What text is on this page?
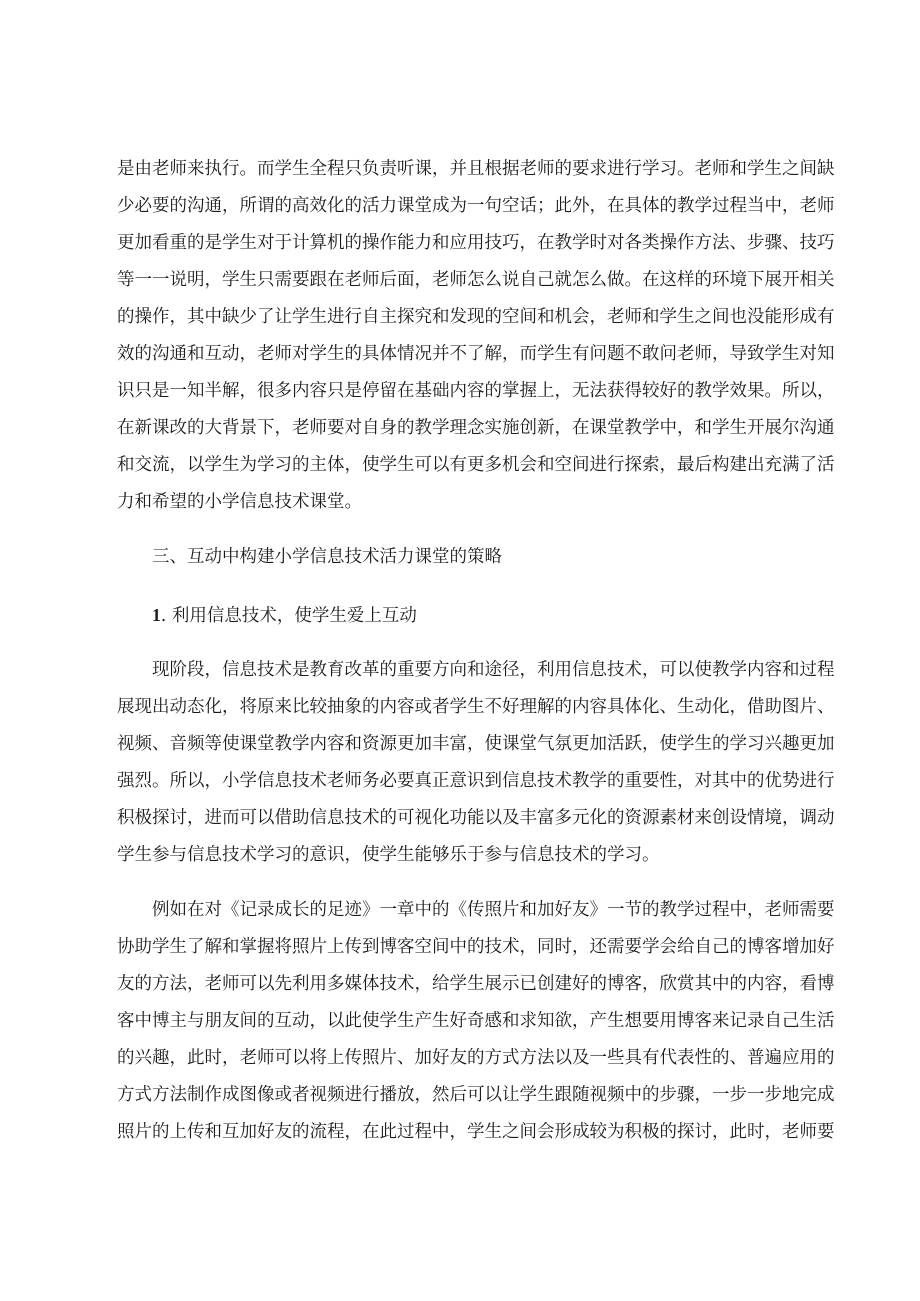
是由老师来执行。而学生全程只负责听课，并且根据老师的要求进行学习。老师和学生之间缺
少必要的沟通，所谓的高效化的活力课堂成为一句空话；此外，在具体的教学过程当中，老师
更加看重的是学生对于计算机的操作能力和应用技巧，在教学时对各类操作方法、步骤、技巧
等一一说明，学生只需要跟在老师后面，老师怎么说自己就怎么做。在这样的环境下展开相关
的操作，其中缺少了让学生进行自主探究和发现的空间和机会，老师和学生之间也没能形成有
效的沟通和互动，老师对学生的具体情况并不了解，而学生有问题不敢问老师，导致学生对知
识只是一知半解，很多内容只是停留在基础内容的掌握上，无法获得较好的教学效果。所以，
在新课改的大背景下，老师要对自身的教学理念实施创新，在课堂教学中，和学生开展尔沟通
和交流，以学生为学习的主体，使学生可以有更多机会和空间进行探索，最后构建出充满了活
力和希望的小学信息技术课堂。
三、互动中构建小学信息技术活力课堂的策略
1. 利用信息技术，使学生爱上互动
现阶段，信息技术是教育改革的重要方向和途径，利用信息技术，可以使教学内容和过程
展现出动态化，将原来比较抽象的内容或者学生不好理解的内容具体化、生动化，借助图片、
视频、音频等使课堂教学内容和资源更加丰富，使课堂气氛更加活跃，使学生的学习兴趣更加
强烈。所以，小学信息技术老师务必要真正意识到信息技术教学的重要性，对其中的优势进行
积极探讨，进而可以借助信息技术的可视化功能以及丰富多元化的资源素材来创设情境，调动
学生参与信息技术学习的意识，使学生能够乐于参与信息技术的学习。
例如在对《记录成长的足迹》一章中的《传照片和加好友》一节的教学过程中，老师需要
协助学生了解和掌握将照片上传到博客空间中的技术，同时，还需要学会给自己的博客增加好
友的方法，老师可以先利用多媒体技术，给学生展示已创建好的博客，欣赏其中的内容，看博
客中博主与朋友间的互动，以此使学生产生好奇感和求知欲，产生想要用博客来记录自己生活
的兴趣，此时，老师可以将上传照片、加好友的方式方法以及一些具有代表性的、普遍应用的
方式方法制作成图像或者视频进行播放，然后可以让学生跟随视频中的步骤，一步一步地完成
照片的上传和互加好友的流程，在此过程中，学生之间会形成较为积极的探讨，此时，老师要
